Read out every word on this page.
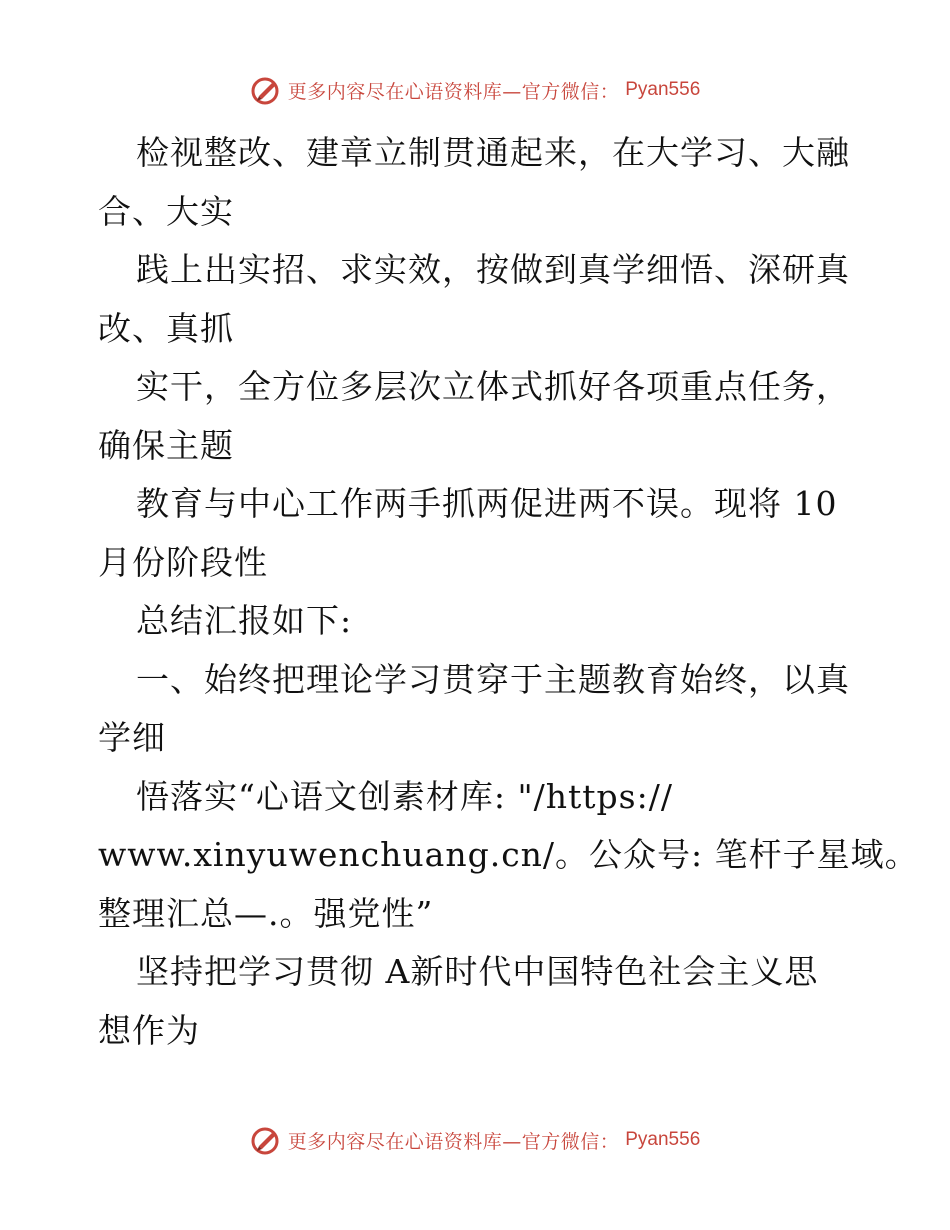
更多内容尽在心语资料库—官方微信： Pyan556
检视整改、建章立制贯通起来，在大学习、大融
合、大实
践上出实招、求实效，按做到真学细悟、深研真
改、真抓
实干，全方位多层次立体式抓好各项重点任务，
确保主题
教育与中心工作两手抓两促进两不误。现将 10
月份阶段性
总结汇报如下:
一、始终把理论学习贯穿于主题教育始终，以真
学细
悟落实“心语文创素材库: "/https://
www.xinyuwenchuang.cn/。公众号: 笔杆子星域。
整理汇总—.。强党性”
坚持把学习贯彻 A新时代中国特色社会主义思
想作为
更多内容尽在心语资料库—官方微信： Pyan556
